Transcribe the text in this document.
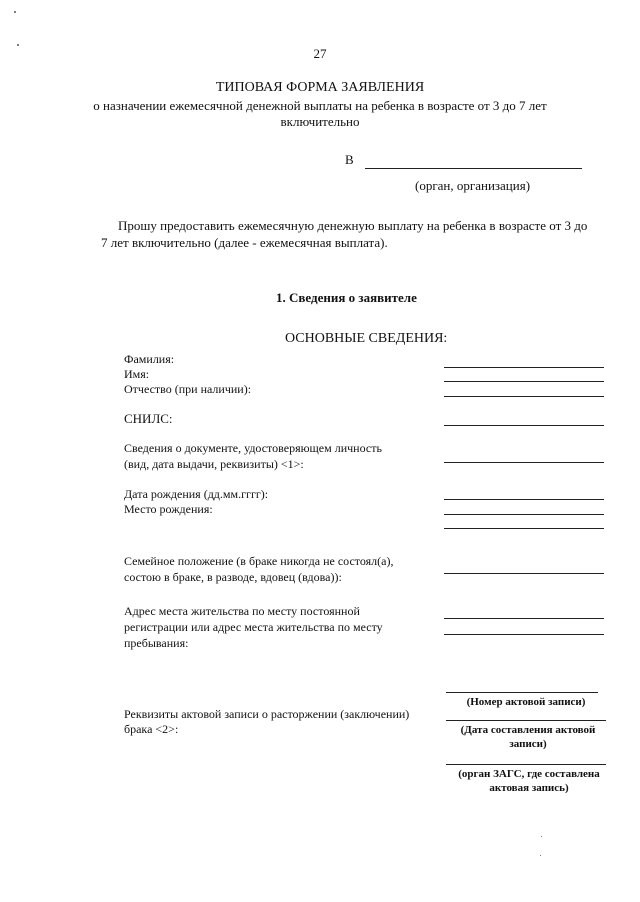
27
ТИПОВАЯ ФОРМА ЗАЯВЛЕНИЯ
о назначении ежемесячной денежной выплаты на ребенка в возрасте от 3 до 7 лет
включительно
В
(орган, организация)
Прошу предоставить ежемесячную денежную выплату на ребенка в возрасте от 3 до
7 лет включительно (далее - ежемесячная выплата).
1. Сведения о заявителе
ОСНОВНЫЕ СВЕДЕНИЯ:
Фамилия:
Имя:
Отчество (при наличии):
СНИЛС:
Сведения о документе, удостоверяющем личность
(вид, дата выдачи, реквизиты) <1>:
Дата рождения (дд.мм.гггг):
Место рождения:
Семейное положение (в браке никогда не состоял(а),
состою в браке, в разводе, вдовец (вдова)):
Адрес места жительства по месту постоянной
регистрации или адрес места жительства по месту
пребывания:
(Номер актовой записи)
Реквизиты актовой записи о расторжении (заключении)
брака <2>:	(Дата составления актовой
записи)
(орган ЗАГС, где составлена
актовая запись)
